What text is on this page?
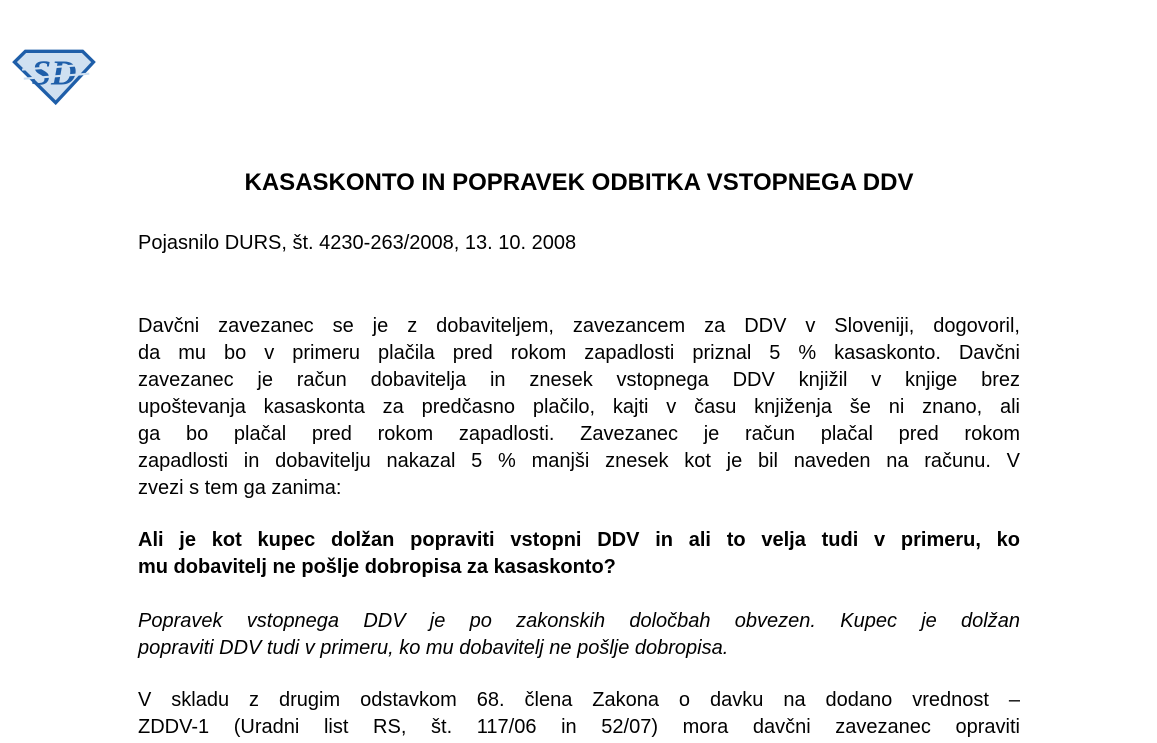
SD
KASASKONTO IN POPRAVEK ODBITKA VSTOPNEGA DDV
Pojasnilo DURS, št. 4230-263/2008, 13. 10. 2008
Davčni zavezanec se je z dobaviteljem, zavezancem za DDV v Sloveniji, dogovoril,
da mu bo v primeru plačila pred rokom zapadlosti priznal 5 % kasaskonto. Davčni
zavezanec je račun dobavitelja in znesek vstopnega DDV knjižil v knjige brez
upoštevanja kasaskonta za predčasno plačilo, kajti v času knjiženja še ni znano, ali
ga bo plačal pred rokom zapadlosti. Zavezanec je račun plačal pred rokom
zapadlosti in dobavitelju nakazal 5 % manjši znesek kot je bil naveden na računu. V
zvezi s tem ga zanima:
Ali je kot kupec dolžan popraviti vstopni DDV in ali to velja tudi v primeru, ko
mu dobavitelj ne pošlje dobropisa za kasaskonto?
Popravek vstopnega DDV je po zakonskih določbah obvezen. Kupec je dolžan
popraviti DDV tudi v primeru, ko mu dobavitelj ne pošlje dobropisa.
V skladu z drugim odstavkom 68. člena Zakona o davku na dodano vrednost –
ZDDV-1 (Uradni list RS, št. 117/06 in 52/07) mora davčni zavezanec opraviti
